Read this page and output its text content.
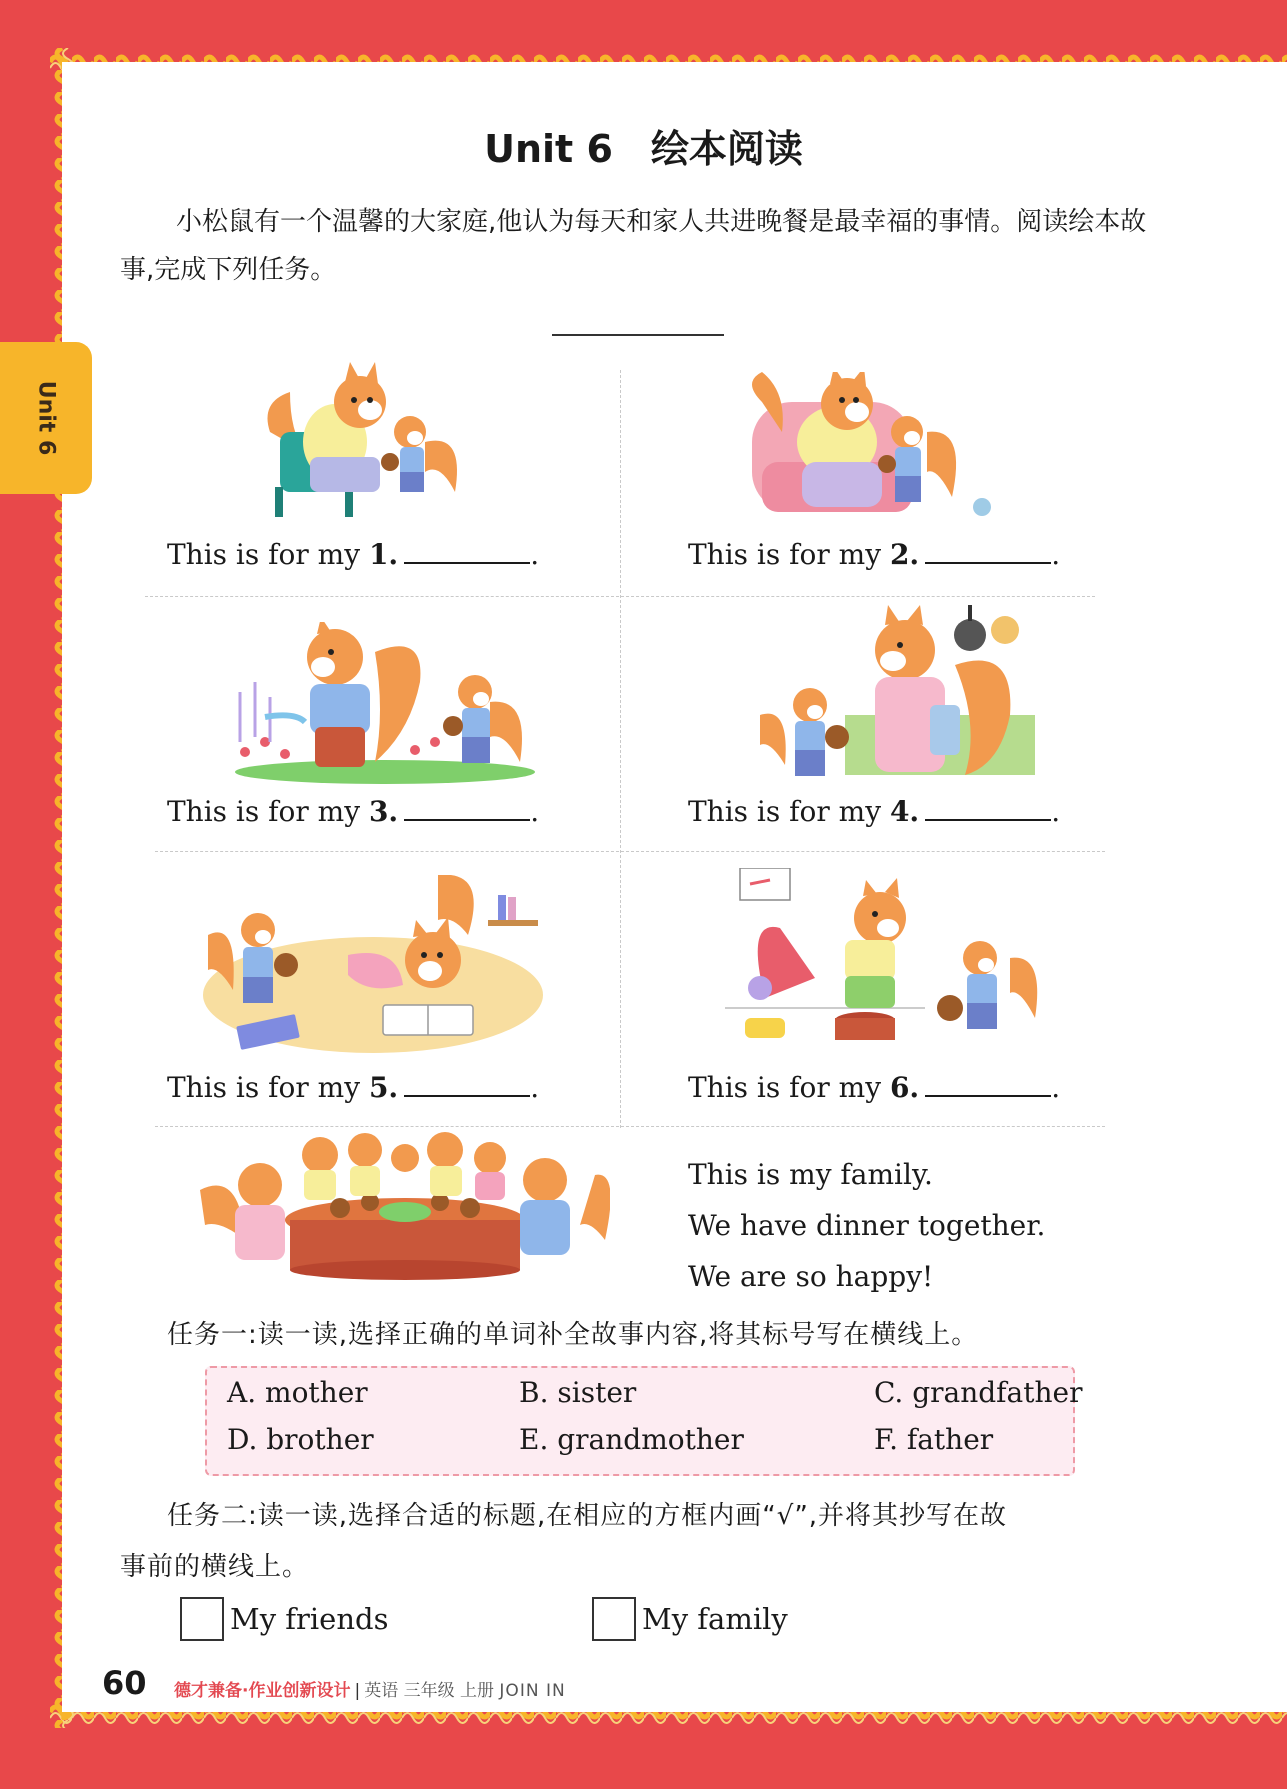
Unit 6
Unit 6　绘本阅读
小松鼠有一个温馨的大家庭,他认为每天和家人共进晚餐是最幸福的事情。阅读绘本故事,完成下列任务。
This is for my 1.	.	This is for my 2.	.
This is for my 3.	.	This is for my 4.	.
This is for my 5.	.	This is for my 6.	.
This is my family.
We have dinner together.
We are so happy!
任务一:读一读,选择正确的单词补全故事内容,将其标号写在横线上。
A. mother	B. sister	C. grandfather
D. brother	E. grandmother	F. father
任务二:读一读,选择合适的标题,在相应的方框内画“√”,并将其抄写在故
事前的横线上。
My friends	My family
60 德才兼备·作业创新设计 | 英语 三年级 上册 JOIN IN
